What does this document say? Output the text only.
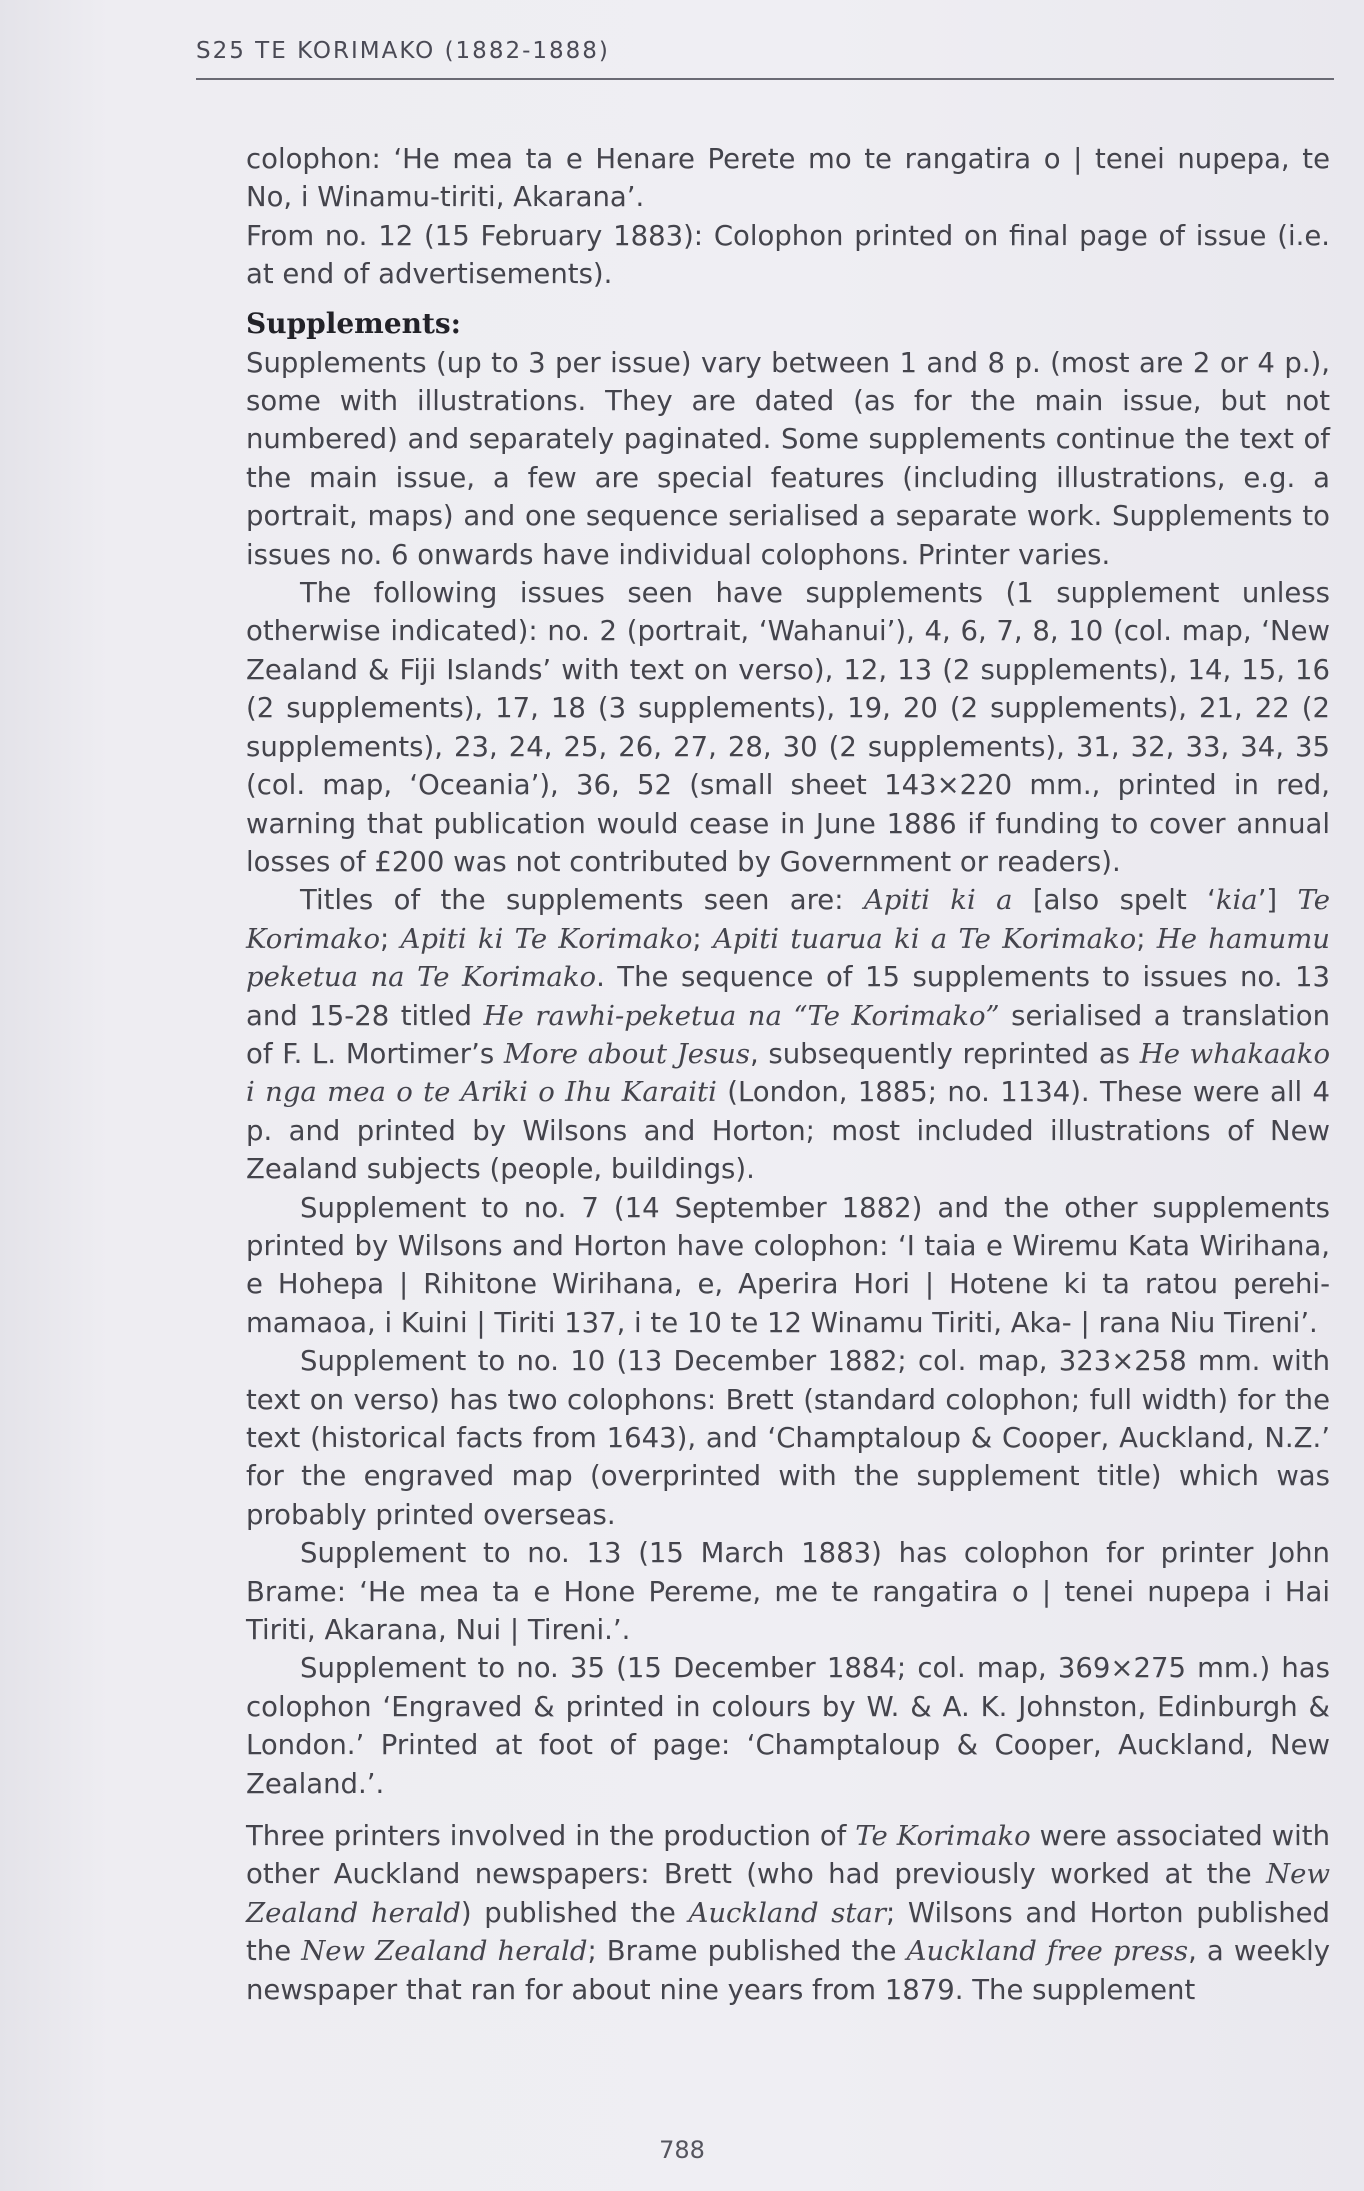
S25 TE KORIMAKO (1882-1888)

colophon: ‘He mea ta e Henare Perete mo te rangatira o | tenei nupepa, te No, i Winamu-tiriti, Akarana’.

From no. 12 (15 February 1883): Colophon printed on final page of issue (i.e. at end of advertisements).

Supplements:

Supplements (up to 3 per issue) vary between 1 and 8 p. (most are 2 or 4 p.), some with illustrations. They are dated (as for the main issue, but not numbered) and separately paginated. Some supplements continue the text of the main issue, a few are special features (including illustrations, e.g. a portrait, maps) and one sequence serialised a separate work. Supplements to issues no. 6 onwards have individual colophons. Printer varies.

The following issues seen have supplements (1 supplement unless otherwise indicated): no. 2 (portrait, ‘Wahanui’), 4, 6, 7, 8, 10 (col. map, ‘New Zealand & Fiji Islands’ with text on verso), 12, 13 (2 supplements), 14, 15, 16 (2 supplements), 17, 18 (3 supplements), 19, 20 (2 supplements), 21, 22 (2 supplements), 23, 24, 25, 26, 27, 28, 30 (2 supplements), 31, 32, 33, 34, 35 (col. map, ‘Oceania’), 36, 52 (small sheet 143×220 mm., printed in red, warning that publication would cease in June 1886 if funding to cover annual losses of £200 was not contributed by Government or readers).

Titles of the supplements seen are: Apiti ki a [also spelt ‘kia’] Te Korimako; Apiti ki Te Korimako; Apiti tuarua ki a Te Korimako; He hamumu peketua na Te Korimako. The sequence of 15 supplements to issues no. 13 and 15-28 titled He rawhi-peketua na “Te Korimako” serialised a translation of F. L. Mortimer’s More about Jesus, subsequently reprinted as He whakaako i nga mea o te Ariki o Ihu Karaiti (London, 1885; no. 1134). These were all 4 p. and printed by Wilsons and Horton; most included illustrations of New Zealand subjects (people, buildings).

Supplement to no. 7 (14 September 1882) and the other supplements printed by Wilsons and Horton have colophon: ‘I taia e Wiremu Kata Wirihana, e Hohepa | Rihitone Wirihana, e, Aperira Hori | Hotene ki ta ratou perehi-mamaoa, i Kuini | Tiriti 137, i te 10 te 12 Winamu Tiriti, Aka- | rana Niu Tireni’.

Supplement to no. 10 (13 December 1882; col. map, 323×258 mm. with text on verso) has two colophons: Brett (standard colophon; full width) for the text (historical facts from 1643), and ‘Champtaloup & Cooper, Auckland, N.Z.’ for the engraved map (overprinted with the supplement title) which was probably printed overseas.

Supplement to no. 13 (15 March 1883) has colophon for printer John Brame: ‘He mea ta e Hone Pereme, me te rangatira o | tenei nupepa i Hai Tiriti, Akarana, Nui | Tireni.’.

Supplement to no. 35 (15 December 1884; col. map, 369×275 mm.) has colophon ‘Engraved & printed in colours by W. & A. K. Johnston, Edinburgh & London.’ Printed at foot of page: ‘Champtaloup & Cooper, Auckland, New Zealand.’.

Three printers involved in the production of Te Korimako were associated with other Auckland newspapers: Brett (who had previously worked at the New Zealand herald) published the Auckland star; Wilsons and Horton published the New Zealand herald; Brame published the Auckland free press, a weekly newspaper that ran for about nine years from 1879. The supplement

788
